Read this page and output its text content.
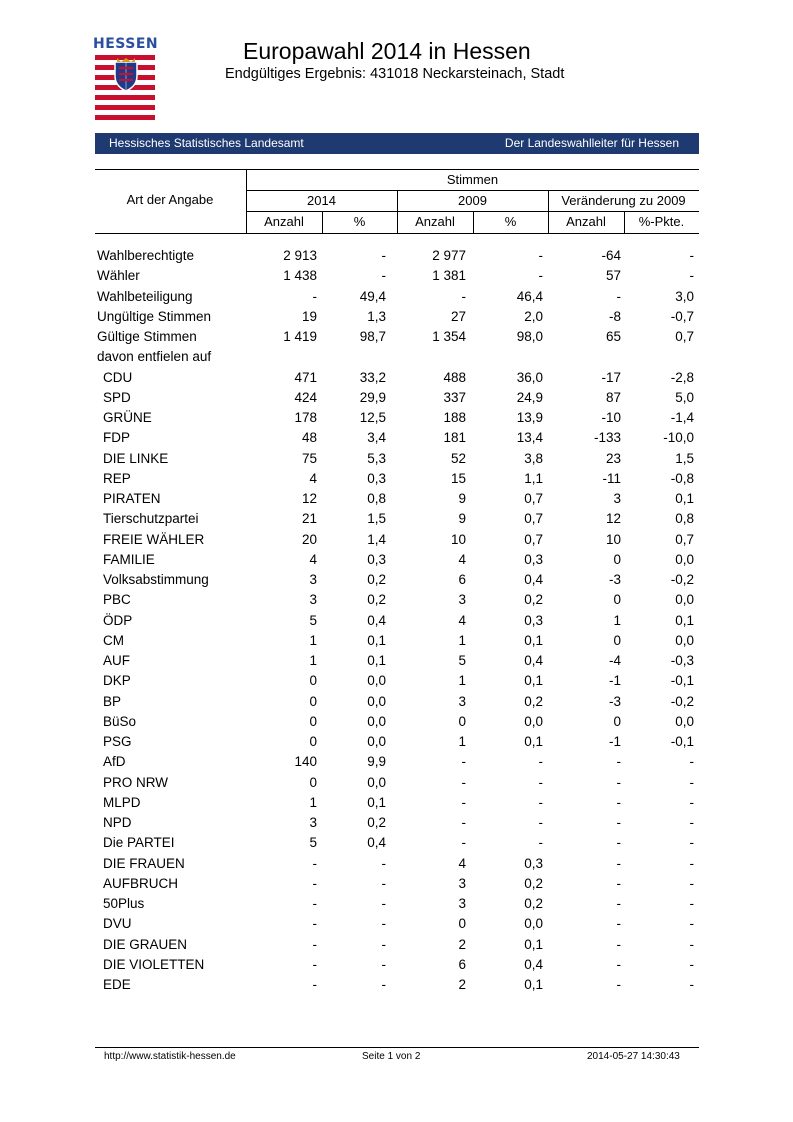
HESSEN	Europawahl 2014 in Hessen
Endgültiges Ergebnis: 431018 Neckarsteinach, Stadt
Hessisches Statistisches Landesamt	Der Landeswahlleiter für Hessen
Art der Angabe
Stimmen
2014	2009	Veränderung zu 2009
Anzahl	%	Anzahl	%	Anzahl	%-Pkte.
Wahlberechtigte	2 913	-	2 977	-	-64	-
Wähler	1 438	-	1 381	-	57	-
Wahlbeteiligung	-	49,4	-	46,4	-	3,0
Ungültige Stimmen	19	1,3	27	2,0	-8	-0,7
Gültige Stimmen	1 419	98,7	1 354	98,0	65	0,7
davon entfielen auf
CDU	471	33,2	488	36,0	-17	-2,8
SPD	424	29,9	337	24,9	87	5,0
GRÜNE	178	12,5	188	13,9	-10	-1,4
FDP	48	3,4	181	13,4	-133	-10,0
DIE LINKE	75	5,3	52	3,8	23	1,5
REP	4	0,3	15	1,1	-11	-0,8
PIRATEN	12	0,8	9	0,7	3	0,1
Tierschutzpartei	21	1,5	9	0,7	12	0,8
FREIE WÄHLER	20	1,4	10	0,7	10	0,7
FAMILIE	4	0,3	4	0,3	0	0,0
Volksabstimmung	3	0,2	6	0,4	-3	-0,2
PBC	3	0,2	3	0,2	0	0,0
ÖDP	5	0,4	4	0,3	1	0,1
CM	1	0,1	1	0,1	0	0,0
AUF	1	0,1	5	0,4	-4	-0,3
DKP	0	0,0	1	0,1	-1	-0,1
BP	0	0,0	3	0,2	-3	-0,2
BüSo	0	0,0	0	0,0	0	0,0
PSG	0	0,0	1	0,1	-1	-0,1
AfD	140	9,9	-	-	-	-
PRO NRW	0	0,0	-	-	-	-
MLPD	1	0,1	-	-	-	-
NPD	3	0,2	-	-	-	-
Die PARTEI	5	0,4	-	-	-	-
DIE FRAUEN	-	-	4	0,3	-	-
AUFBRUCH	-	-	3	0,2	-	-
50Plus	-	-	3	0,2	-	-
DVU	-	-	0	0,0	-	-
DIE GRAUEN	-	-	2	0,1	-	-
DIE VIOLETTEN	-	-	6	0,4	-	-
EDE	-	-	2	0,1	-	-
http://www.statistik-hessen.de	Seite 1 von 2	2014-05-27 14:30:43
